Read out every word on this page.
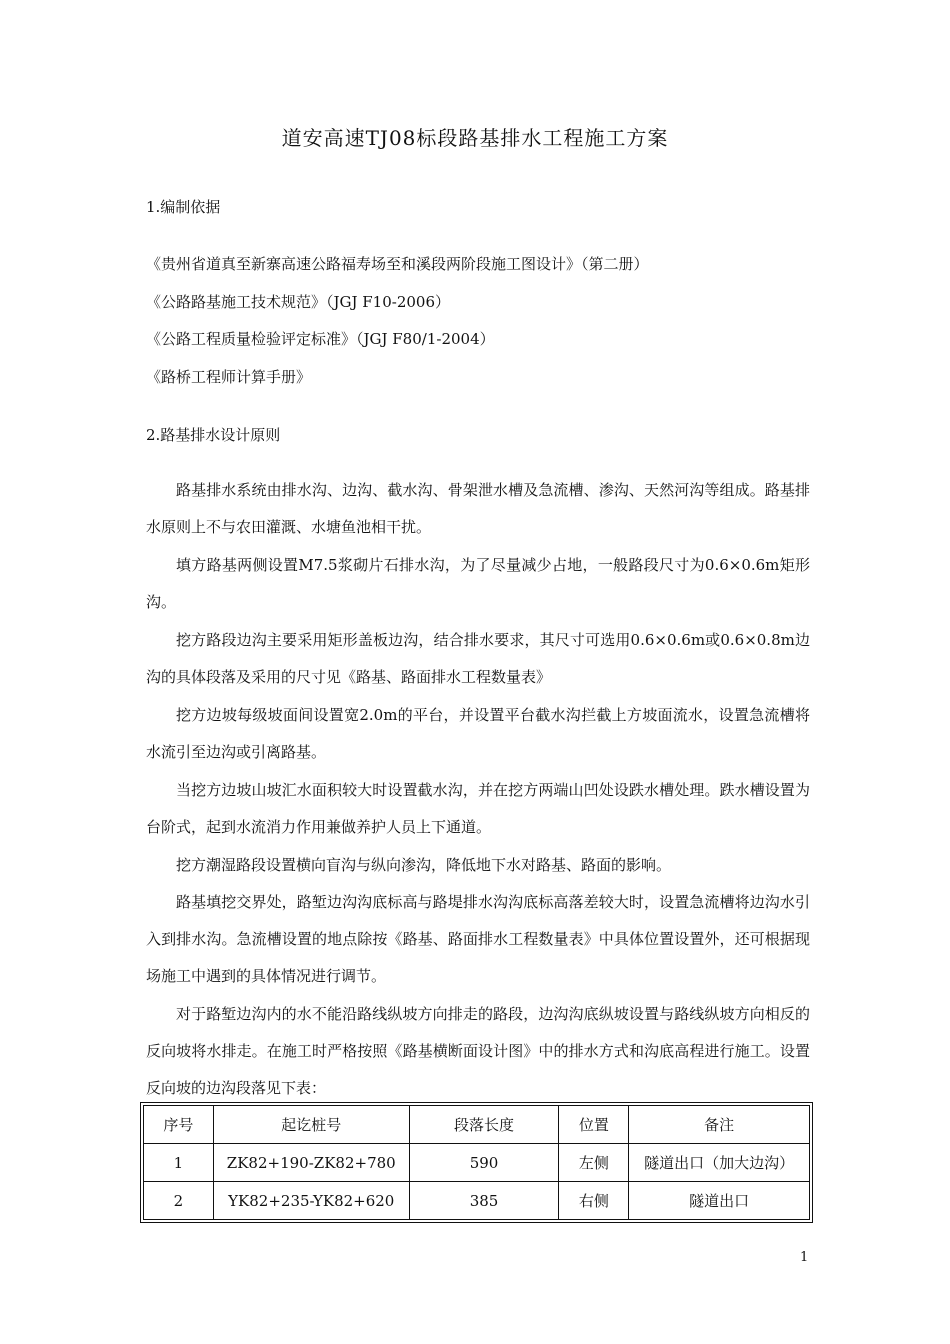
道安高速TJ08标段路基排水工程施工方案
1.编制依据
《贵州省道真至新寨高速公路福寿场至和溪段两阶段施工图设计》（第二册）
《公路路基施工技术规范》（JGJ F10-2006）
《公路工程质量检验评定标准》（JGJ F80/1-2004）
《路桥工程师计算手册》
2.路基排水设计原则

路基排水系统由排水沟、边沟、截水沟、骨架泄水槽及急流槽、渗沟、天然河沟等组成。路基排水原则上不与农田灌溉、水塘鱼池相干扰。

填方路基两侧设置M7.5浆砌片石排水沟，为了尽量减少占地，一般路段尺寸为0.6×0.6m矩形沟。

挖方路段边沟主要采用矩形盖板边沟，结合排水要求，其尺寸可选用0.6×0.6m或0.6×0.8m边沟的具体段落及采用的尺寸见《路基、路面排水工程数量表》

挖方边坡每级坡面间设置宽2.0m的平台，并设置平台截水沟拦截上方坡面流水，设置急流槽将水流引至边沟或引离路基。

当挖方边坡山坡汇水面积较大时设置截水沟，并在挖方两端山凹处设跌水槽处理。跌水槽设置为台阶式，起到水流消力作用兼做养护人员上下通道。

挖方潮湿路段设置横向盲沟与纵向渗沟，降低地下水对路基、路面的影响。

路基填挖交界处，路堑边沟沟底标高与路堤排水沟沟底标高落差较大时，设置急流槽将边沟水引入到排水沟。急流槽设置的地点除按《路基、路面排水工程数量表》中具体位置设置外，还可根据现场施工中遇到的具体情况进行调节。

对于路堑边沟内的水不能沿路线纵坡方向排走的路段，边沟沟底纵坡设置与路线纵坡方向相反的反向坡将水排走。在施工时严格按照《路基横断面设计图》中的排水方式和沟底高程进行施工。设置反向坡的边沟段落见下表：

序号	起讫桩号	段落长度	位置	备注
1	ZK82+190-ZK82+780	590	左侧	隧道出口（加大边沟）
2	YK82+235-YK82+620	385	右侧	隧道出口
1
